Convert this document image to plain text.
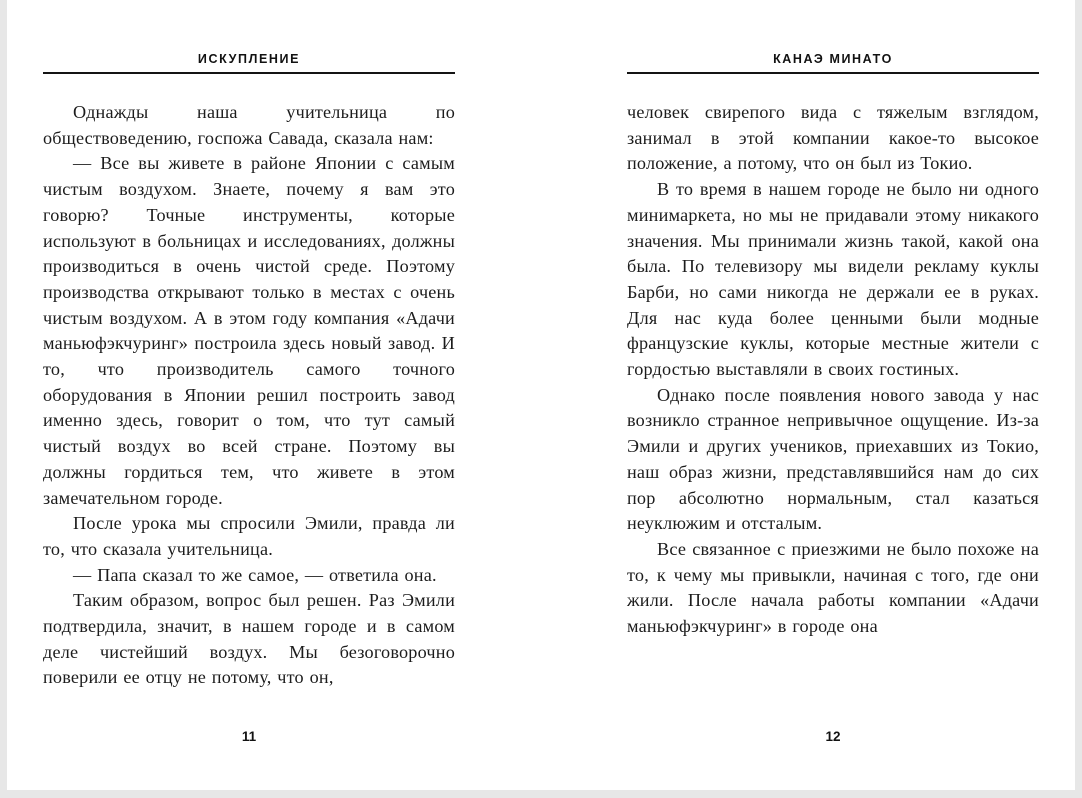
ИСКУПЛЕНИЕ

Однажды наша учительница по обществоведению, госпожа Савада, сказала нам:

— Все вы живете в районе Японии с самым чистым воздухом. Знаете, почему я вам это говорю? Точные инструменты, которые используют в больницах и исследованиях, должны производиться в очень чистой среде. Поэтому производства открывают только в местах с очень чистым воздухом. А в этом году компания «Адачи маньюфэкчуринг» построила здесь новый завод. И то, что производитель самого точного оборудования в Японии решил построить завод именно здесь, говорит о том, что тут самый чистый воздух во всей стране. Поэтому вы должны гордиться тем, что живете в этом замечательном городе.

После урока мы спросили Эмили, правда ли то, что сказала учительница.

— Папа сказал то же самое, — ответила она.

Таким образом, вопрос был решен. Раз Эмили подтвердила, значит, в нашем городе и в самом деле чистейший воздух. Мы безоговорочно поверили ее отцу не потому, что он,

11
КАНАЭ МИНАТО

человек свирепого вида с тяжелым взглядом, занимал в этой компании какое-то высокое положение, а потому, что он был из Токио.

В то время в нашем городе не было ни одного минимаркета, но мы не придавали этому никакого значения. Мы принимали жизнь такой, какой она была. По телевизору мы видели рекламу куклы Барби, но сами никогда не держали ее в руках. Для нас куда более ценными были модные французские куклы, которые местные жители с гордостью выставляли в своих гостиных.

Однако после появления нового завода у нас возникло странное непривычное ощущение. Из-за Эмили и других учеников, приехавших из Токио, наш образ жизни, представлявшийся нам до сих пор абсолютно нормальным, стал казаться неуклюжим и отсталым.

Все связанное с приезжими не было похоже на то, к чему мы привыкли, начиная с того, где они жили. После начала работы компании «Адачи маньюфэкчуринг» в городе она

12
